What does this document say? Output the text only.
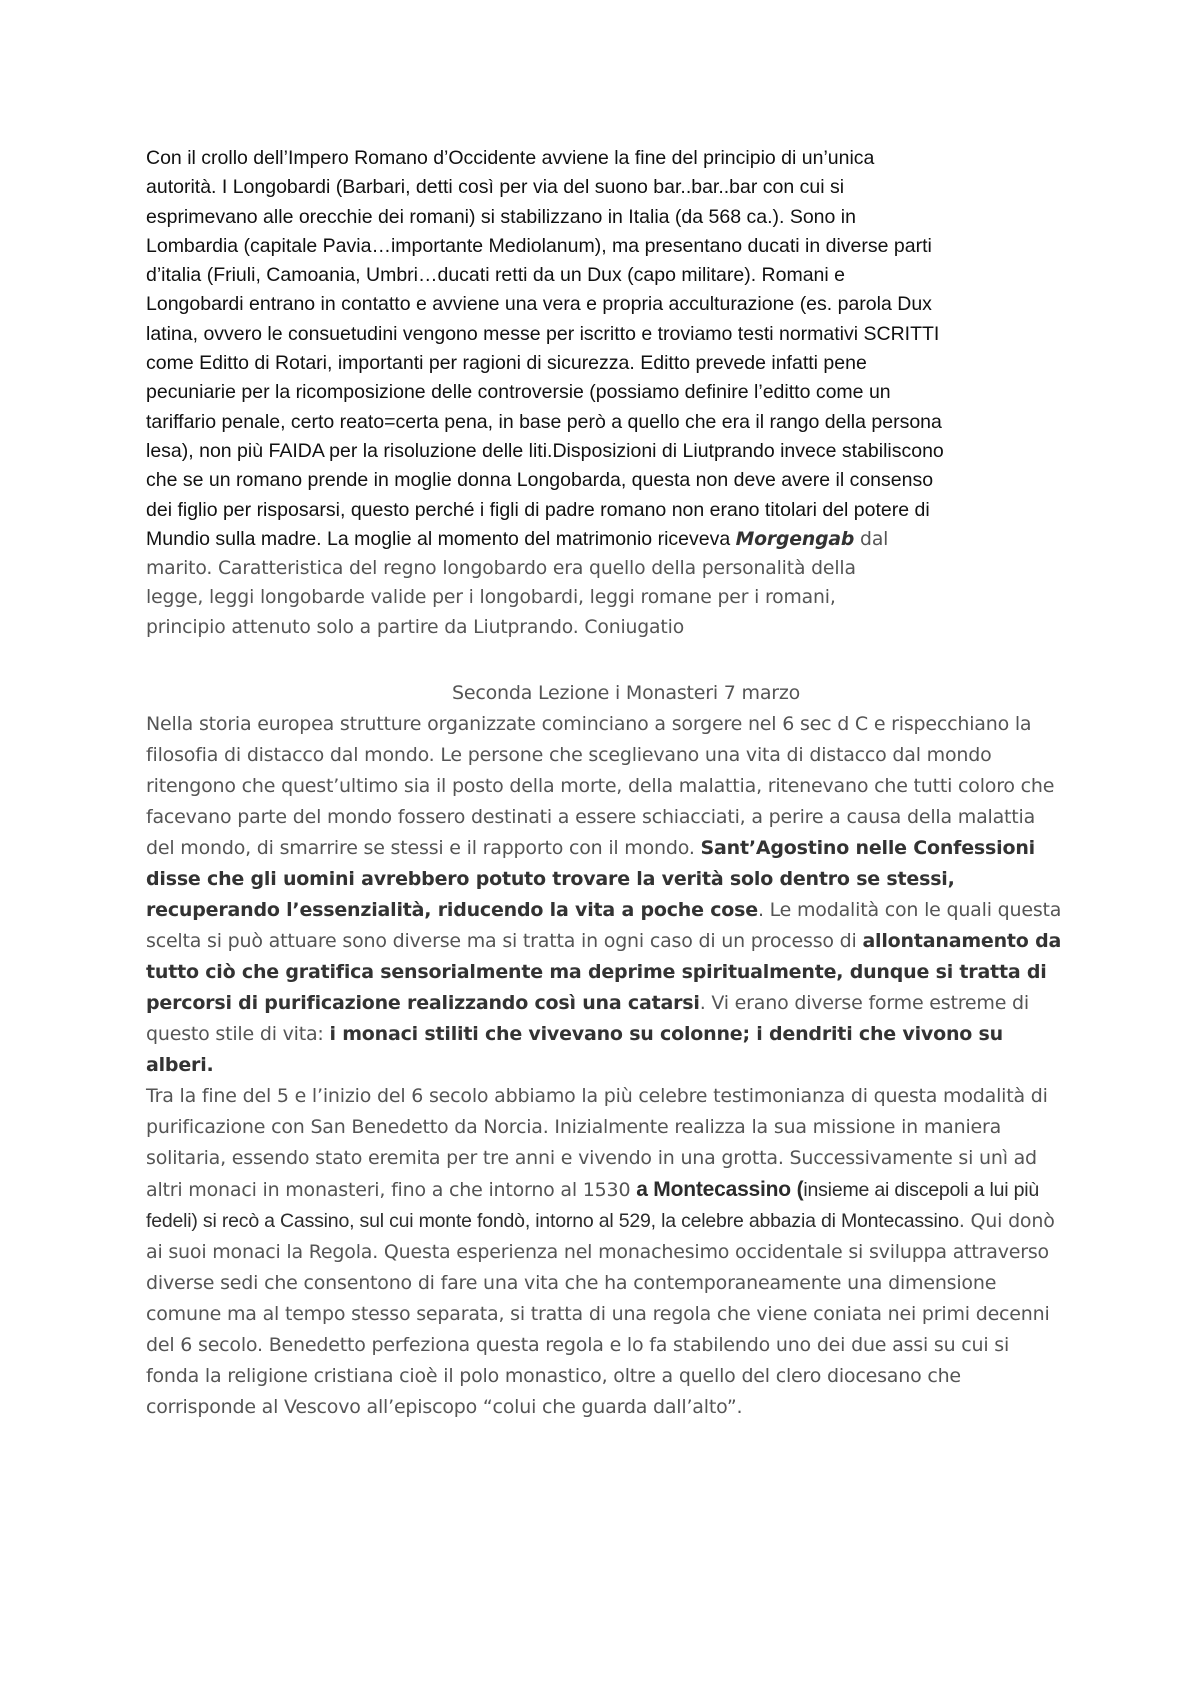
Con il crollo dell’Impero Romano d’Occidente avviene la fine del principio di un’unica
autorità. I Longobardi (Barbari, detti così per via del suono bar..bar..bar con cui si
esprimevano alle orecchie dei romani) si stabilizzano in Italia (da 568 ca.). Sono in
Lombardia (capitale Pavia…importante Mediolanum), ma presentano ducati in diverse parti
d’italia (Friuli, Camoania, Umbri…ducati retti da un Dux (capo militare). Romani e
Longobardi entrano in contatto e avviene una vera e propria acculturazione (es. parola Dux
latina, ovvero le consuetudini vengono messe per iscritto e troviamo testi normativi SCRITTI
come Editto di Rotari, importanti per ragioni di sicurezza. Editto prevede infatti pene
pecuniarie per la ricomposizione delle controversie (possiamo definire l’editto come un
tariffario penale, certo reato=certa pena, in base però a quello che era il rango della persona
lesa), non più FAIDA per la risoluzione delle liti.Disposizioni di Liutprando invece stabiliscono
che se un romano prende in moglie donna Longobarda, questa non deve avere il consenso
dei figlio per risposarsi, questo perché i figli di padre romano non erano titolari del potere di
Mundio sulla madre. La moglie al momento del matrimonio riceveva Morgengab dal
marito. Caratteristica del regno longobardo era quello della personalità della
legge, leggi longobarde valide per i longobardi, leggi romane per i romani,
principio attenuto solo a partire da Liutprando. Coniugatio

Seconda Lezione i Monasteri 7 marzo

Nella storia europea strutture organizzate cominciano a sorgere nel 6 sec d C e rispecchiano la filosofia di distacco dal mondo. Le persone che sceglievano una vita di distacco dal mondo ritengono che quest’ultimo sia il posto della morte, della malattia, ritenevano che tutti coloro che facevano parte del mondo fossero destinati a essere schiacciati, a perire a causa della malattia del mondo, di smarrire se stessi e il rapporto con il mondo. Sant’Agostino nelle Confessioni disse che gli uomini avrebbero potuto trovare la verità solo dentro se stessi, recuperando l’essenzialità, riducendo la vita a poche cose. Le modalità con le quali questa scelta si può attuare sono diverse ma si tratta in ogni caso di un processo di allontanamento da tutto ciò che gratifica sensorialmente ma deprime spiritualmente, dunque si tratta di percorsi di purificazione realizzando così una catarsi. Vi erano diverse forme estreme di questo stile di vita: i monaci stiliti che vivevano su colonne; i dendriti che vivono su alberi.

Tra la fine del 5 e l’inizio del 6 secolo abbiamo la più celebre testimonianza di questa modalità di purificazione con San Benedetto da Norcia. Inizialmente realizza la sua missione in maniera solitaria, essendo stato eremita per tre anni e vivendo in una grotta. Successivamente si unì ad altri monaci in monasteri, fino a che intorno al 1530 a Montecassino (insieme ai discepoli a lui più fedeli) si recò a Cassino, sul cui monte fondò, intorno al 529, la celebre abbazia di Montecassino. Qui donò ai suoi monaci la Regola. Questa esperienza nel monachesimo occidentale si sviluppa attraverso diverse sedi che consentono di fare una vita che ha contemporaneamente una dimensione comune ma al tempo stesso separata, si tratta di una regola che viene coniata nei primi decenni del 6 secolo. Benedetto perfeziona questa regola e lo fa stabilendo uno dei due assi su cui si fonda la religione cristiana cioè il polo monastico, oltre a quello del clero diocesano che corrisponde al Vescovo all’episcopo “colui che guarda dall’alto”.
